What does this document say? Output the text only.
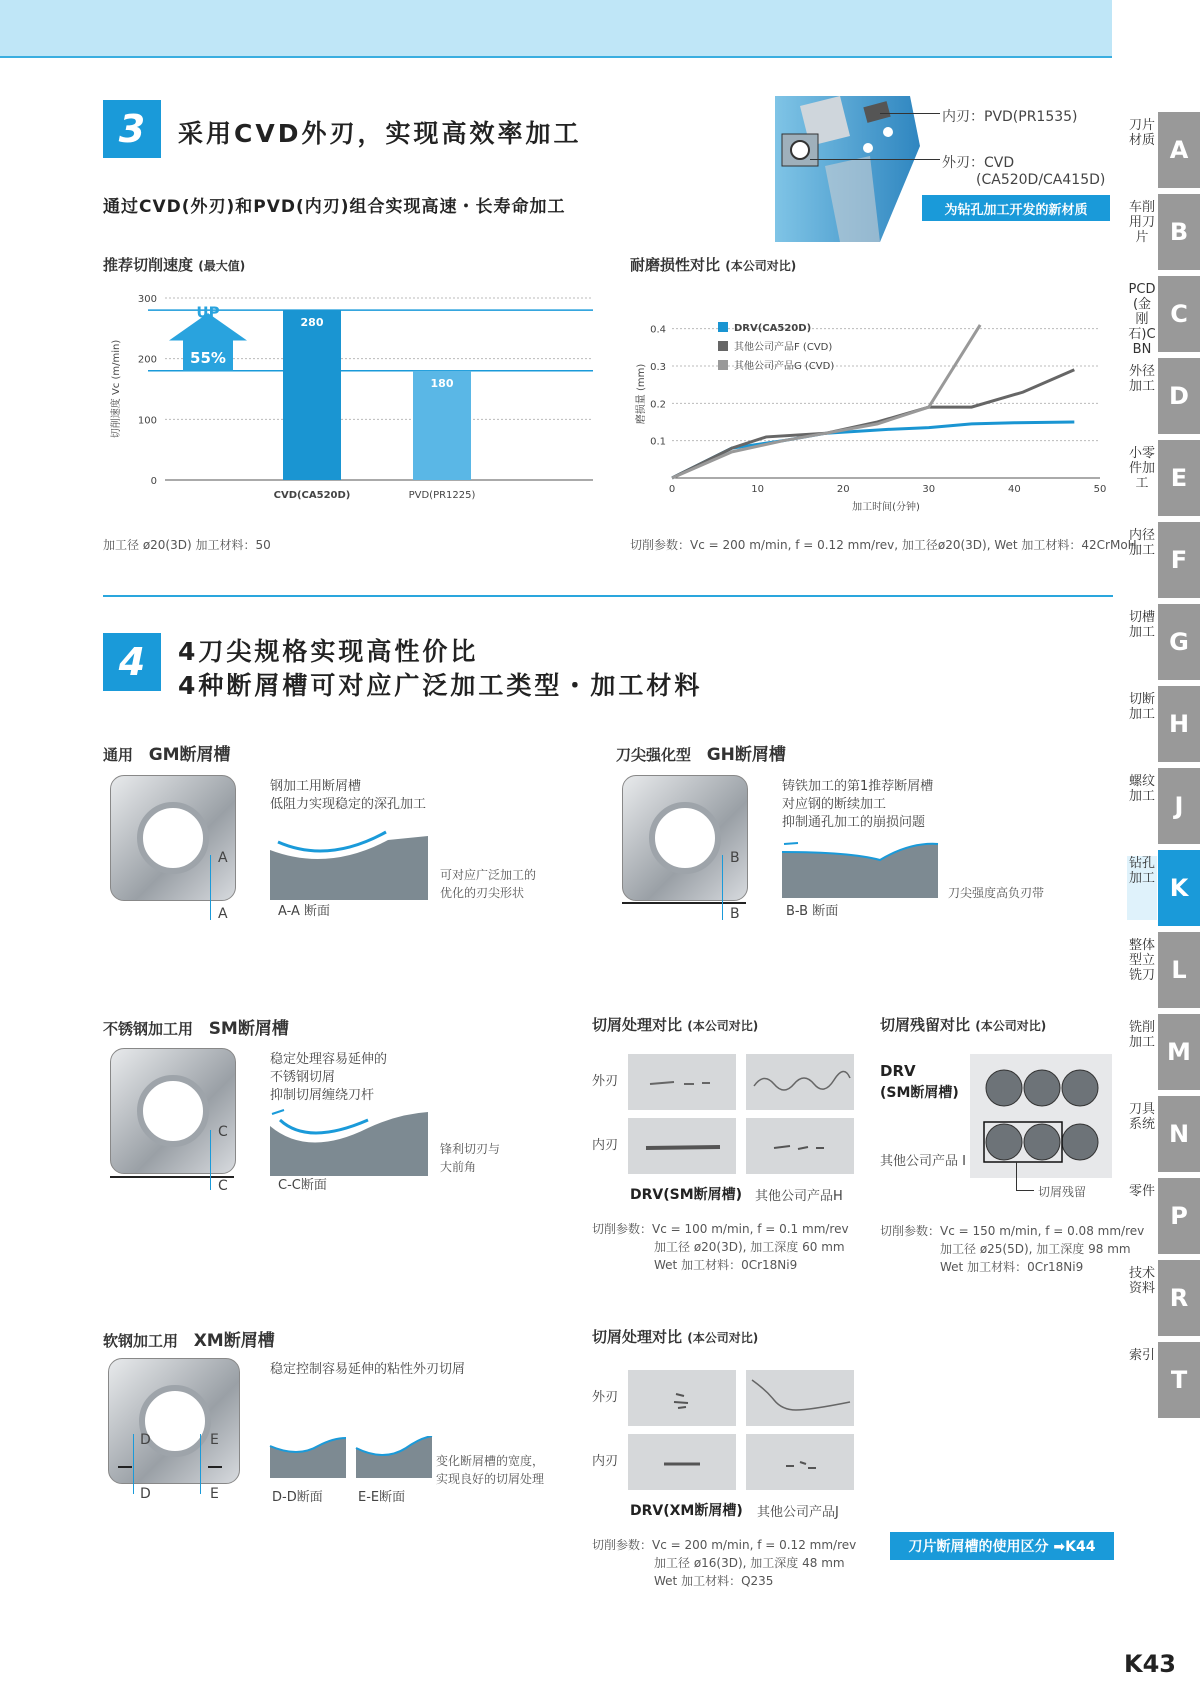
3	采用CVD外刃，实现高效率加工
通过CVD(外刃)和PVD(内刃)组合实现高速・长寿命加工
内刃：PVD(PR1535)
外刃：CVD
(CA520D/CA415D)
为钻孔加工开发的新材质
推荐切削速度 (最大值)
300
200
100
0
切削速度 Vc (m/min)
280
CVD(CA520D)
180
PVD(PR1225)
UP
55%
加工径 ø20(3D) 加工材料：50
耐磨损性对比 (本公司对比)
0.4
0.3
0.2
0.1
0	10	20	30	40	50
加工时间(分钟)
磨损量 (mm)
DRV(CA520D)
其他公司产品F (CVD)
其他公司产品G (CVD)
切削参数：Vc = 200 m/min, f = 0.12 mm/rev, 加工径ø20(3D), Wet 加工材料：42CrMoH
4	4刀尖规格实现高性价比
4种断屑槽可对应广泛加工类型・加工材料
通用 GM断屑槽
A
A
钢加工用断屑槽
低阻力实现稳定的深孔加工
A-A 断面
可对应广泛加工的
优化的刃尖形状
刀尖强化型 GH断屑槽
B
B
铸铁加工的第1推荐断屑槽
对应钢的断续加工
抑制通孔加工的崩损问题
B-B 断面
刀尖强度高负刃带
不锈钢加工用 SM断屑槽
C
C
稳定处理容易延伸的
不锈钢切屑
抑制切屑缠绕刀杆
C-C断面
锋利切刃与
大前角
切屑处理对比 (本公司对比)
外刃
内刃
DRV(SM断屑槽) 其他公司产品H
切削参数：Vc = 100 m/min, f = 0.1 mm/rev
加工径 ø20(3D), 加工深度 60 mm
Wet 加工材料：0Cr18Ni9
切屑残留对比 (本公司对比)
DRV
(SM断屑槽)
其他公司产品 I
切屑残留
切削参数：Vc = 150 m/min, f = 0.08 mm/rev
加工径 ø25(5D), 加工深度 98 mm
Wet 加工材料：0Cr18Ni9
软钢加工用 XM断屑槽
D
D
E
E
稳定控制容易延伸的粘性外刃切屑
D-D断面	E-E断面
变化断屑槽的宽度，
实现良好的切屑处理
切屑处理对比 (本公司对比)
外刃
内刃
DRV(XM断屑槽) 其他公司产品J
切削参数：Vc = 200 m/min, f = 0.12 mm/rev
加工径 ø16(3D), 加工深度 48 mm
Wet 加工材料：Q235
刀片断屑槽的使用区分 ➡K44
刀片材质 A
车削用刀片 B
PCD(金刚石)CBN
C
外径加工 D
小零件加工 E
内径加工 F
切槽加工 G
切断加工 H
螺纹加工 J
钻孔加工 K
整体型立铣刀 L
铣削加工 M
刀具系统 N
零件
P
技术资料 R
索引
T
K43
